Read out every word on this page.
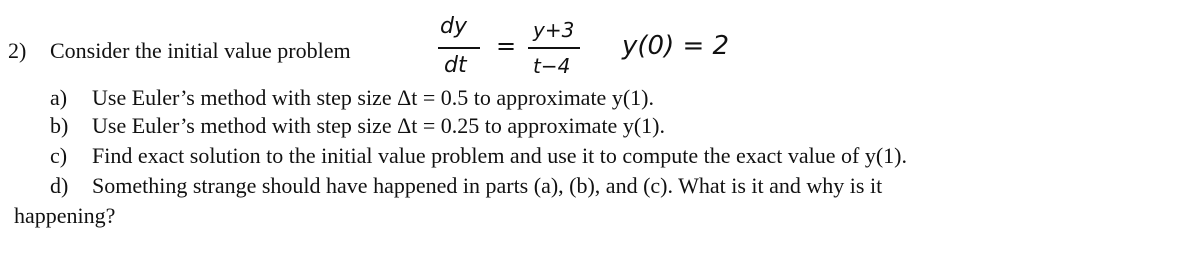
2) Consider the initial value problem
dy
dt
=
y+3
t−4
y(0) = 2
a) Use Euler’s method with step size Δt = 0.5 to approximate y(1).
b) Use Euler’s method with step size Δt = 0.25 to approximate y(1).
c) Find exact solution to the initial value problem and use it to compute the exact value of y(1).
d) Something strange should have happened in parts (a), (b), and (c). What is it and why is it
happening?
